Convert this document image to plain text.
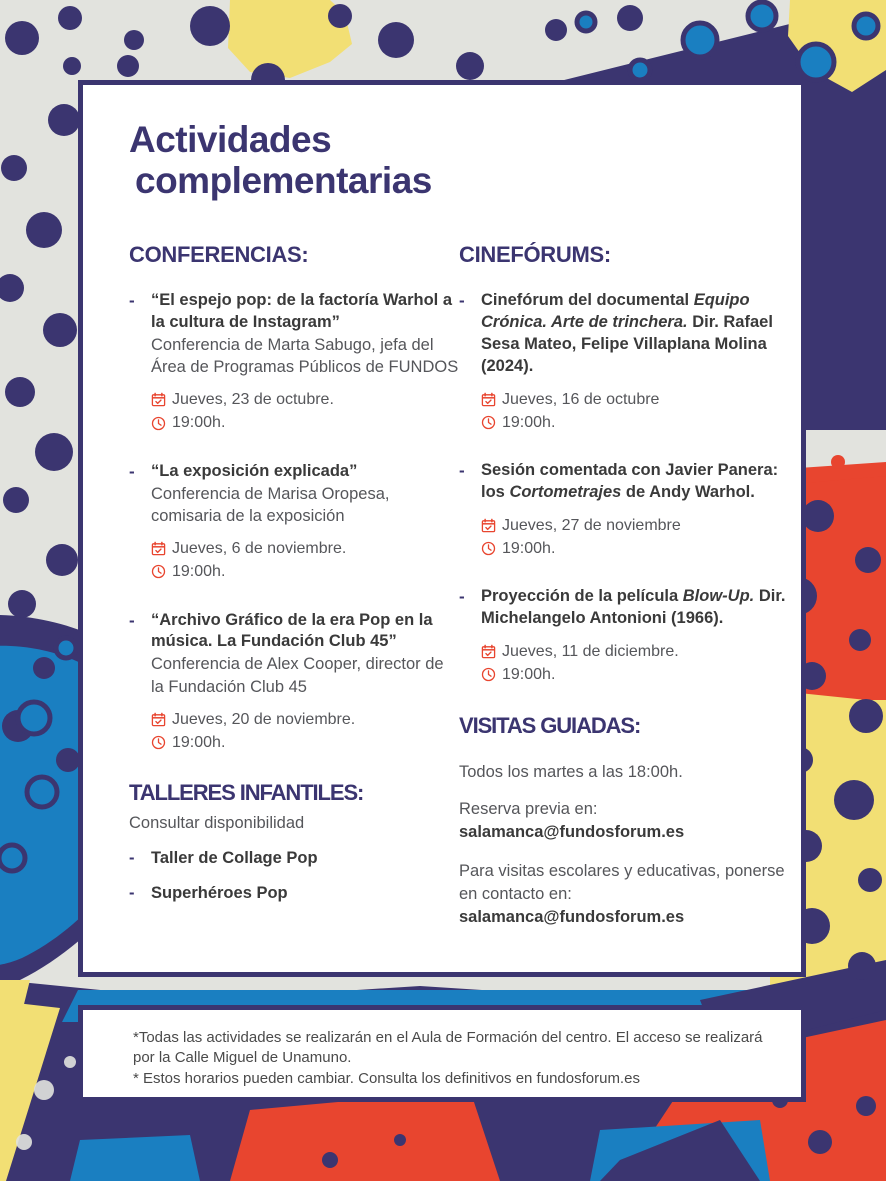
Actividades
complementarias
CONFERENCIAS:
- “El espejo pop: de la factoría Warhol a la cultura de Instagram”

Conferencia de Marta Sabugo, jefa del Área de Programas Públicos de FUNDOS

Jueves, 23 de octubre.
19:00h.
- “La exposición explicada”

Conferencia de Marisa Oropesa, comisaria de la exposición

Jueves, 6 de noviembre.
19:00h.
- “Archivo Gráfico de la era Pop en la música. La Fundación Club 45”

Conferencia de Alex Cooper, director de la Fundación Club 45

Jueves, 20 de noviembre.
19:00h.
TALLERES INFANTILES:

Consultar disponibilidad

- Taller de Collage Pop
- Superhéroes Pop
CINEFÓRUMS:
- Cinefórum del documental Equipo Crónica. Arte de trinchera. Dir. Rafael Sesa Mateo, Felipe Villaplana Molina (2024).

Jueves, 16 de octubre
19:00h.
- Sesión comentada con Javier Panera: los Cortometrajes de Andy Warhol.

Jueves, 27 de noviembre
19:00h.
- Proyección de la película Blow-Up. Dir. Michelangelo Antonioni (1966).

Jueves, 11 de diciembre.
19:00h.
VISITAS GUIADAS:

Todos los martes a las 18:00h.

Reserva previa en:

salamanca@fundosforum.es

Para visitas escolares y educativas, ponerse en contacto en:

salamanca@fundosforum.es

*Todas las actividades se realizarán en el Aula de Formación del centro. El acceso se realizará por la Calle Miguel de Unamuno.

* Estos horarios pueden cambiar. Consulta los definitivos en fundosforum.es
